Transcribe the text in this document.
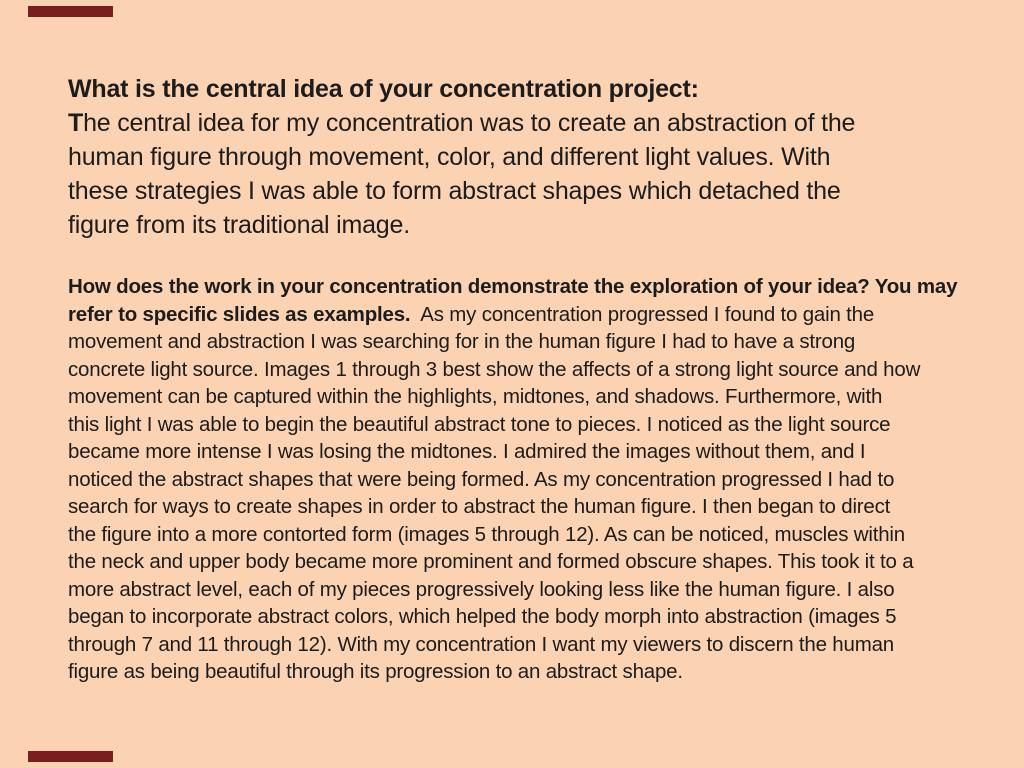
What is the central idea of your concentration project:
The central idea for my concentration was to create an abstraction of the
human figure through movement, color, and different light values. With
these strategies I was able to form abstract shapes which detached the
figure from its traditional image.
How does the work in your concentration demonstrate the exploration of your idea? You may
refer to specific slides as examples.  As my concentration progressed I found to gain the
movement and abstraction I was searching for in the human figure I had to have a strong
concrete light source. Images 1 through 3 best show the affects of a strong light source and how
movement can be captured within the highlights, midtones, and shadows. Furthermore, with
this light I was able to begin the beautiful abstract tone to pieces. I noticed as the light source
became more intense I was losing the midtones. I admired the images without them, and I
noticed the abstract shapes that were being formed. As my concentration progressed I had to
search for ways to create shapes in order to abstract the human figure. I then began to direct
the figure into a more contorted form (images 5 through 12). As can be noticed, muscles within
the neck and upper body became more prominent and formed obscure shapes. This took it to a
more abstract level, each of my pieces progressively looking less like the human figure. I also
began to incorporate abstract colors, which helped the body morph into abstraction (images 5
through 7 and 11 through 12). With my concentration I want my viewers to discern the human
figure as being beautiful through its progression to an abstract shape.
